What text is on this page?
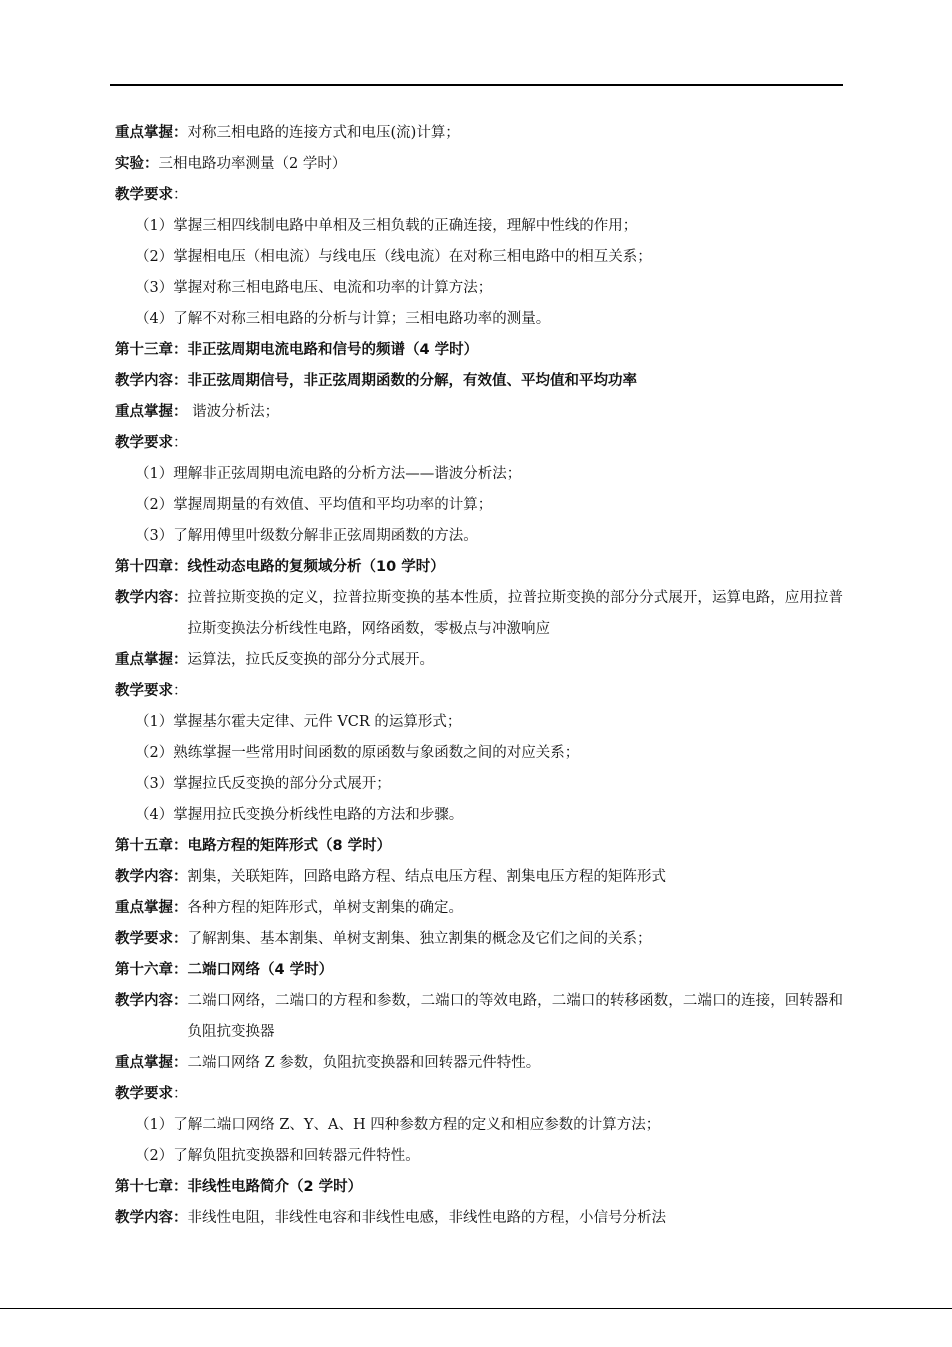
重点掌握：对称三相电路的连接方式和电压(流)计算；
实验：三相电路功率测量（2 学时）
教学要求：
（1）掌握三相四线制电路中单相及三相负载的正确连接，理解中性线的作用；
（2）掌握相电压（相电流）与线电压（线电流）在对称三相电路中的相互关系；
（3）掌握对称三相电路电压、电流和功率的计算方法；
（4）了解不对称三相电路的分析与计算；三相电路功率的测量。
第十三章：非正弦周期电流电路和信号的频谱（4 学时）
教学内容：非正弦周期信号，非正弦周期函数的分解，有效值、平均值和平均功率
重点掌握： 谐波分析法；
教学要求：
（1）理解非正弦周期电流电路的分析方法——谐波分析法；
（2）掌握周期量的有效值、平均值和平均功率的计算；
（3）了解用傅里叶级数分解非正弦周期函数的方法。
第十四章：线性动态电路的复频域分析（10 学时）
教学内容： 拉普拉斯变换的定义，拉普拉斯变换的基本性质，拉普拉斯变换的部分分式展开，运算电路，应用拉普拉斯变换法分析线性电路，网络函数，零极点与冲激响应
重点掌握：运算法，拉氏反变换的部分分式展开。
教学要求：
（1）掌握基尔霍夫定律、元件 VCR 的运算形式；
（2）熟练掌握一些常用时间函数的原函数与象函数之间的对应关系；
（3）掌握拉氏反变换的部分分式展开；
（4）掌握用拉氏变换分析线性电路的方法和步骤。
第十五章：电路方程的矩阵形式（8 学时）
教学内容：割集，关联矩阵，回路电路方程、结点电压方程、割集电压方程的矩阵形式
重点掌握：各种方程的矩阵形式，单树支割集的确定。
教学要求：了解割集、基本割集、单树支割集、独立割集的概念及它们之间的关系；
第十六章：二端口网络（4 学时）
教学内容： 二端口网络，二端口的方程和参数，二端口的等效电路，二端口的转移函数，二端口的连接，回转器和负阻抗变换器
重点掌握：二端口网络 Z 参数，负阻抗变换器和回转器元件特性。
教学要求：
（1）了解二端口网络 Z、Y、A、H 四种参数方程的定义和相应参数的计算方法；
（2）了解负阻抗变换器和回转器元件特性。
第十七章：非线性电路简介（2 学时）
教学内容：非线性电阻，非线性电容和非线性电感，非线性电路的方程，小信号分析法
